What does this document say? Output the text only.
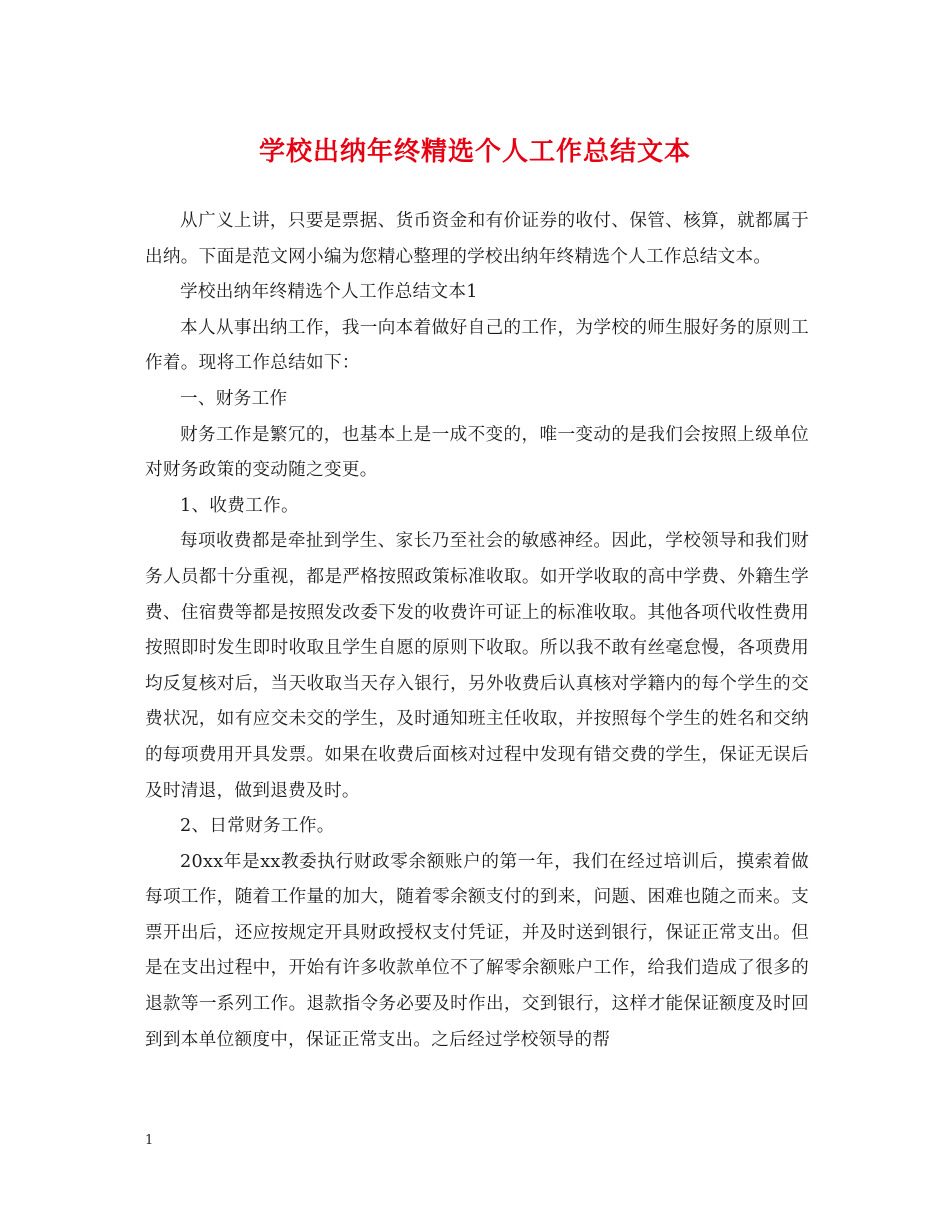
学校出纳年终精选个人工作总结文本

从广义上讲，只要是票据、货币资金和有价证券的收付、保管、核算，就都属于出纳。下面是范文网小编为您精心整理的学校出纳年终精选个人工作总结文本。

学校出纳年终精选个人工作总结文本1

本人从事出纳工作，我一向本着做好自己的工作，为学校的师生服好务的原则工作着。现将工作总结如下：

一、财务工作

财务工作是繁冗的，也基本上是一成不变的，唯一变动的是我们会按照上级单位对财务政策的变动随之变更。

1、收费工作。

每项收费都是牵扯到学生、家长乃至社会的敏感神经。因此，学校领导和我们财务人员都十分重视，都是严格按照政策标准收取。如开学收取的高中学费、外籍生学费、住宿费等都是按照发改委下发的收费许可证上的标准收取。其他各项代收性费用按照即时发生即时收取且学生自愿的原则下收取。所以我不敢有丝毫怠慢，各项费用均反复核对后，当天收取当天存入银行，另外收费后认真核对学籍内的每个学生的交费状况，如有应交未交的学生，及时通知班主任收取，并按照每个学生的姓名和交纳的每项费用开具发票。如果在收费后面核对过程中发现有错交费的学生，保证无误后及时清退，做到退费及时。

2、日常财务工作。

20xx年是xx教委执行财政零余额账户的第一年，我们在经过培训后，摸索着做每项工作，随着工作量的加大，随着零余额支付的到来，问题、困难也随之而来。支票开出后，还应按规定开具财政授权支付凭证，并及时送到银行，保证正常支出。但是在支出过程中，开始有许多收款单位不了解零余额账户工作，给我们造成了很多的退款等一系列工作。退款指令务必要及时作出，交到银行，这样才能保证额度及时回到到本单位额度中，保证正常支出。之后经过学校领导的帮

1
